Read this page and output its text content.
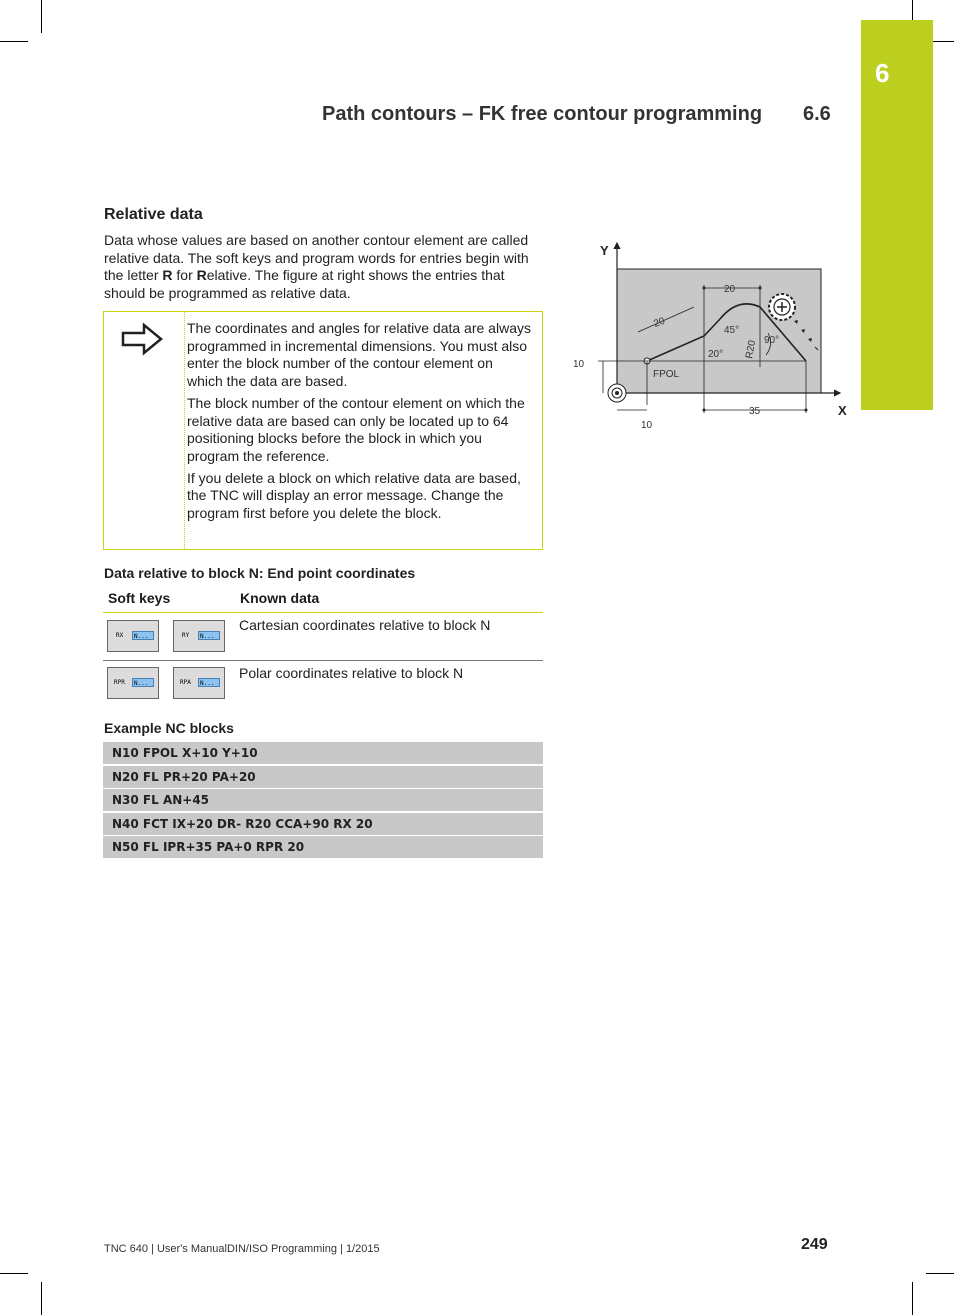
6
Path contours – FK free contour programming 6.6
Relative data
Data whose values are based on another contour element are called relative data. The soft keys and program words for entries begin with the letter R for Relative. The figure at right shows the entries that should be programmed as relative data.

The coordinates and angles for relative data are always programmed in incremental dimensions. You must also enter the block number of the contour element on which the data are based.

The block number of the contour element on which the relative data are based can only be located up to 64 positioning blocks before the block in which you program the reference.

If you delete a block on which relative data are based, the TNC will display an error message. Change the program first before you delete the block.

Data relative to block N: End point coordinates
Soft keys	Known data
RX	N...	RY	N...
Cartesian coordinates relative to block N
RPR	N...	RPA	N...
Polar coordinates relative to block N
Example NC blocks
N10 FPOL X+10 Y+10
N20 FL PR+20 PA+20
N30 FL AN+45
N40 FCT IX+20 DR- R20 CCA+90 RX 20
N50 FL IPR+35 PA+0 RPR 20
Y
X
20
20
45°
20° R20 90°
FPOL
10
10
35
TNC 640 | User's ManualDIN/ISO Programming | 1/2015	249
